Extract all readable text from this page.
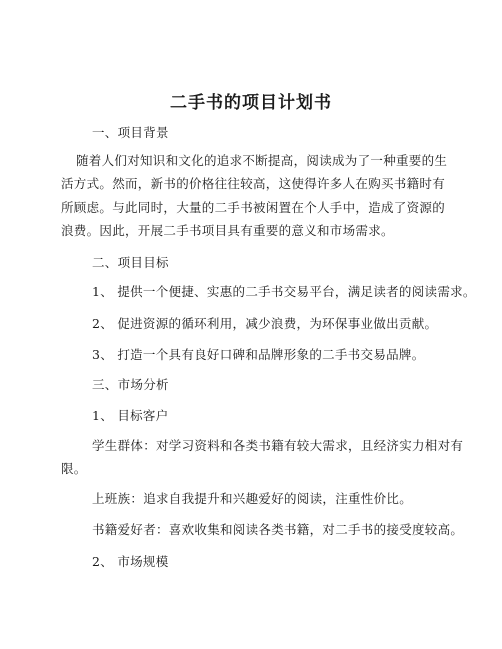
二手书的项目计划书
一、项目背景
随着人们对知识和文化的追求不断提高，阅读成为了一种重要的生
活方式。然而，新书的价格往往较高，这使得许多人在购买书籍时有
所顾虑。与此同时，大量的二手书被闲置在个人手中，造成了资源的
浪费。因此，开展二手书项目具有重要的意义和市场需求。
二、项目目标
1、 提供一个便捷、实惠的二手书交易平台，满足读者的阅读需求。
2、 促进资源的循环利用，减少浪费，为环保事业做出贡献。
3、 打造一个具有良好口碑和品牌形象的二手书交易品牌。
三、市场分析
1、 目标客户
学生群体：对学习资料和各类书籍有较大需求，且经济实力相对有
限。
上班族：追求自我提升和兴趣爱好的阅读，注重性价比。
书籍爱好者：喜欢收集和阅读各类书籍，对二手书的接受度较高。
2、 市场规模
